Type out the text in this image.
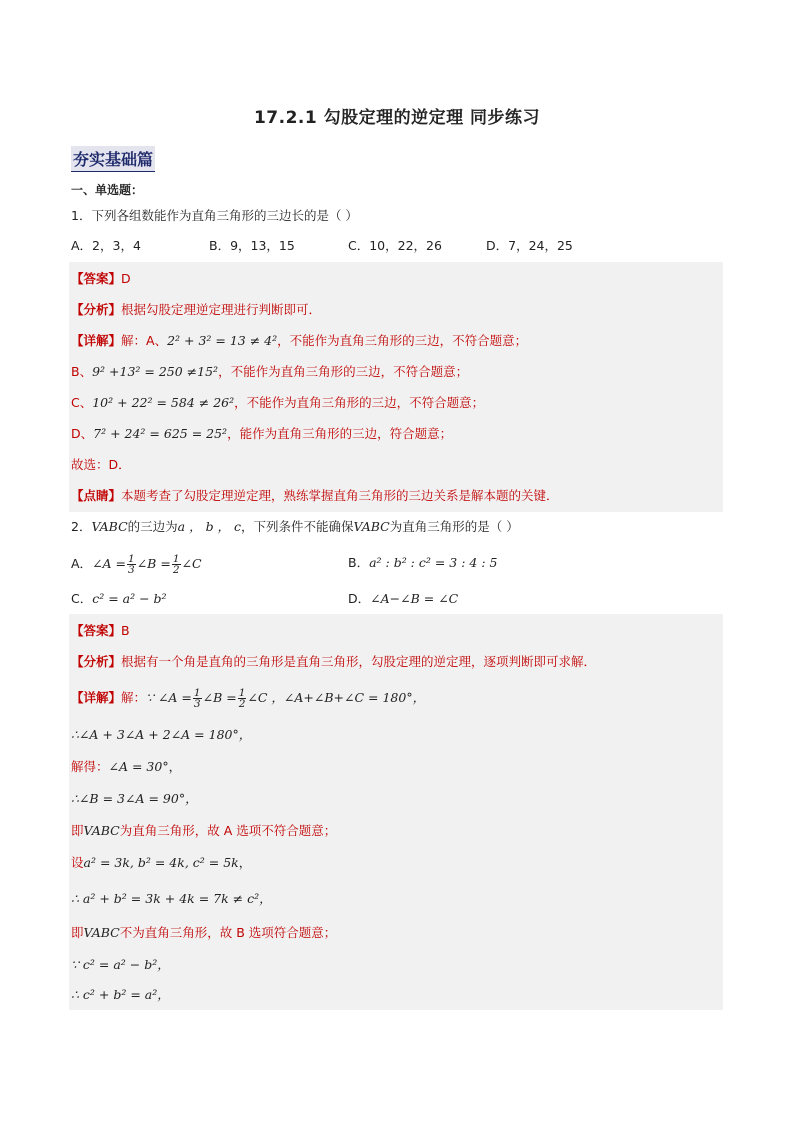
17.2.1 勾股定理的逆定理 同步练习
夯实基础篇
一、单选题：
1．下列各组数能作为直角三角形的三边长的是（ ）
A．2，3，4	B．9，13，15	C．10，22，26	D．7，24，25
【答案】D
【分析】根据勾股定理逆定理进行判断即可．
【详解】解：A、2² + 3² = 13 ≠ 4²，不能作为直角三角形的三边，不符合题意；
B、9² +13² = 250 ≠15²，不能作为直角三角形的三边，不符合题意；
C、10² + 22² = 584 ≠ 26²，不能作为直角三角形的三边，不符合题意；
D、7² + 24² = 625 = 25²，能作为直角三角形的三边，符合题意；
故选：D．
【点睛】本题考查了勾股定理逆定理，熟练掌握直角三角形的三边关系是解本题的关键．
2．VABC的三边为a ， b ， c，下列条件不能确保VABC为直角三角形的是（ ）
A．∠A = $\frac{1}{3}$ ∠B = $\frac{1}{2}$ ∠C	B．a² : b² : c² = 3 : 4 : 5
C．c² = a² − b²	D．∠A−∠B = ∠C
【答案】B
【分析】根据有一个角是直角的三角形是直角三角形，勾股定理的逆定理，逐项判断即可求解．
【详解】解：∵ ∠A = $\frac{1}{3}$ ∠B = $\frac{1}{2}$ ∠C ，∠A+∠B+∠C = 180°，
∴∠A + 3∠A + 2∠A = 180°，
解得：∠A = 30°，
∴∠B = 3∠A = 90°，
即VABC为直角三角形，故 A 选项不符合题意；
设a² = 3k, b² = 4k, c² = 5k，
∴ a² + b² = 3k + 4k = 7k ≠ c²，
即VABC不为直角三角形，故 B 选项符合题意；
∵ c² = a² − b²，
∴ c² + b² = a²，
